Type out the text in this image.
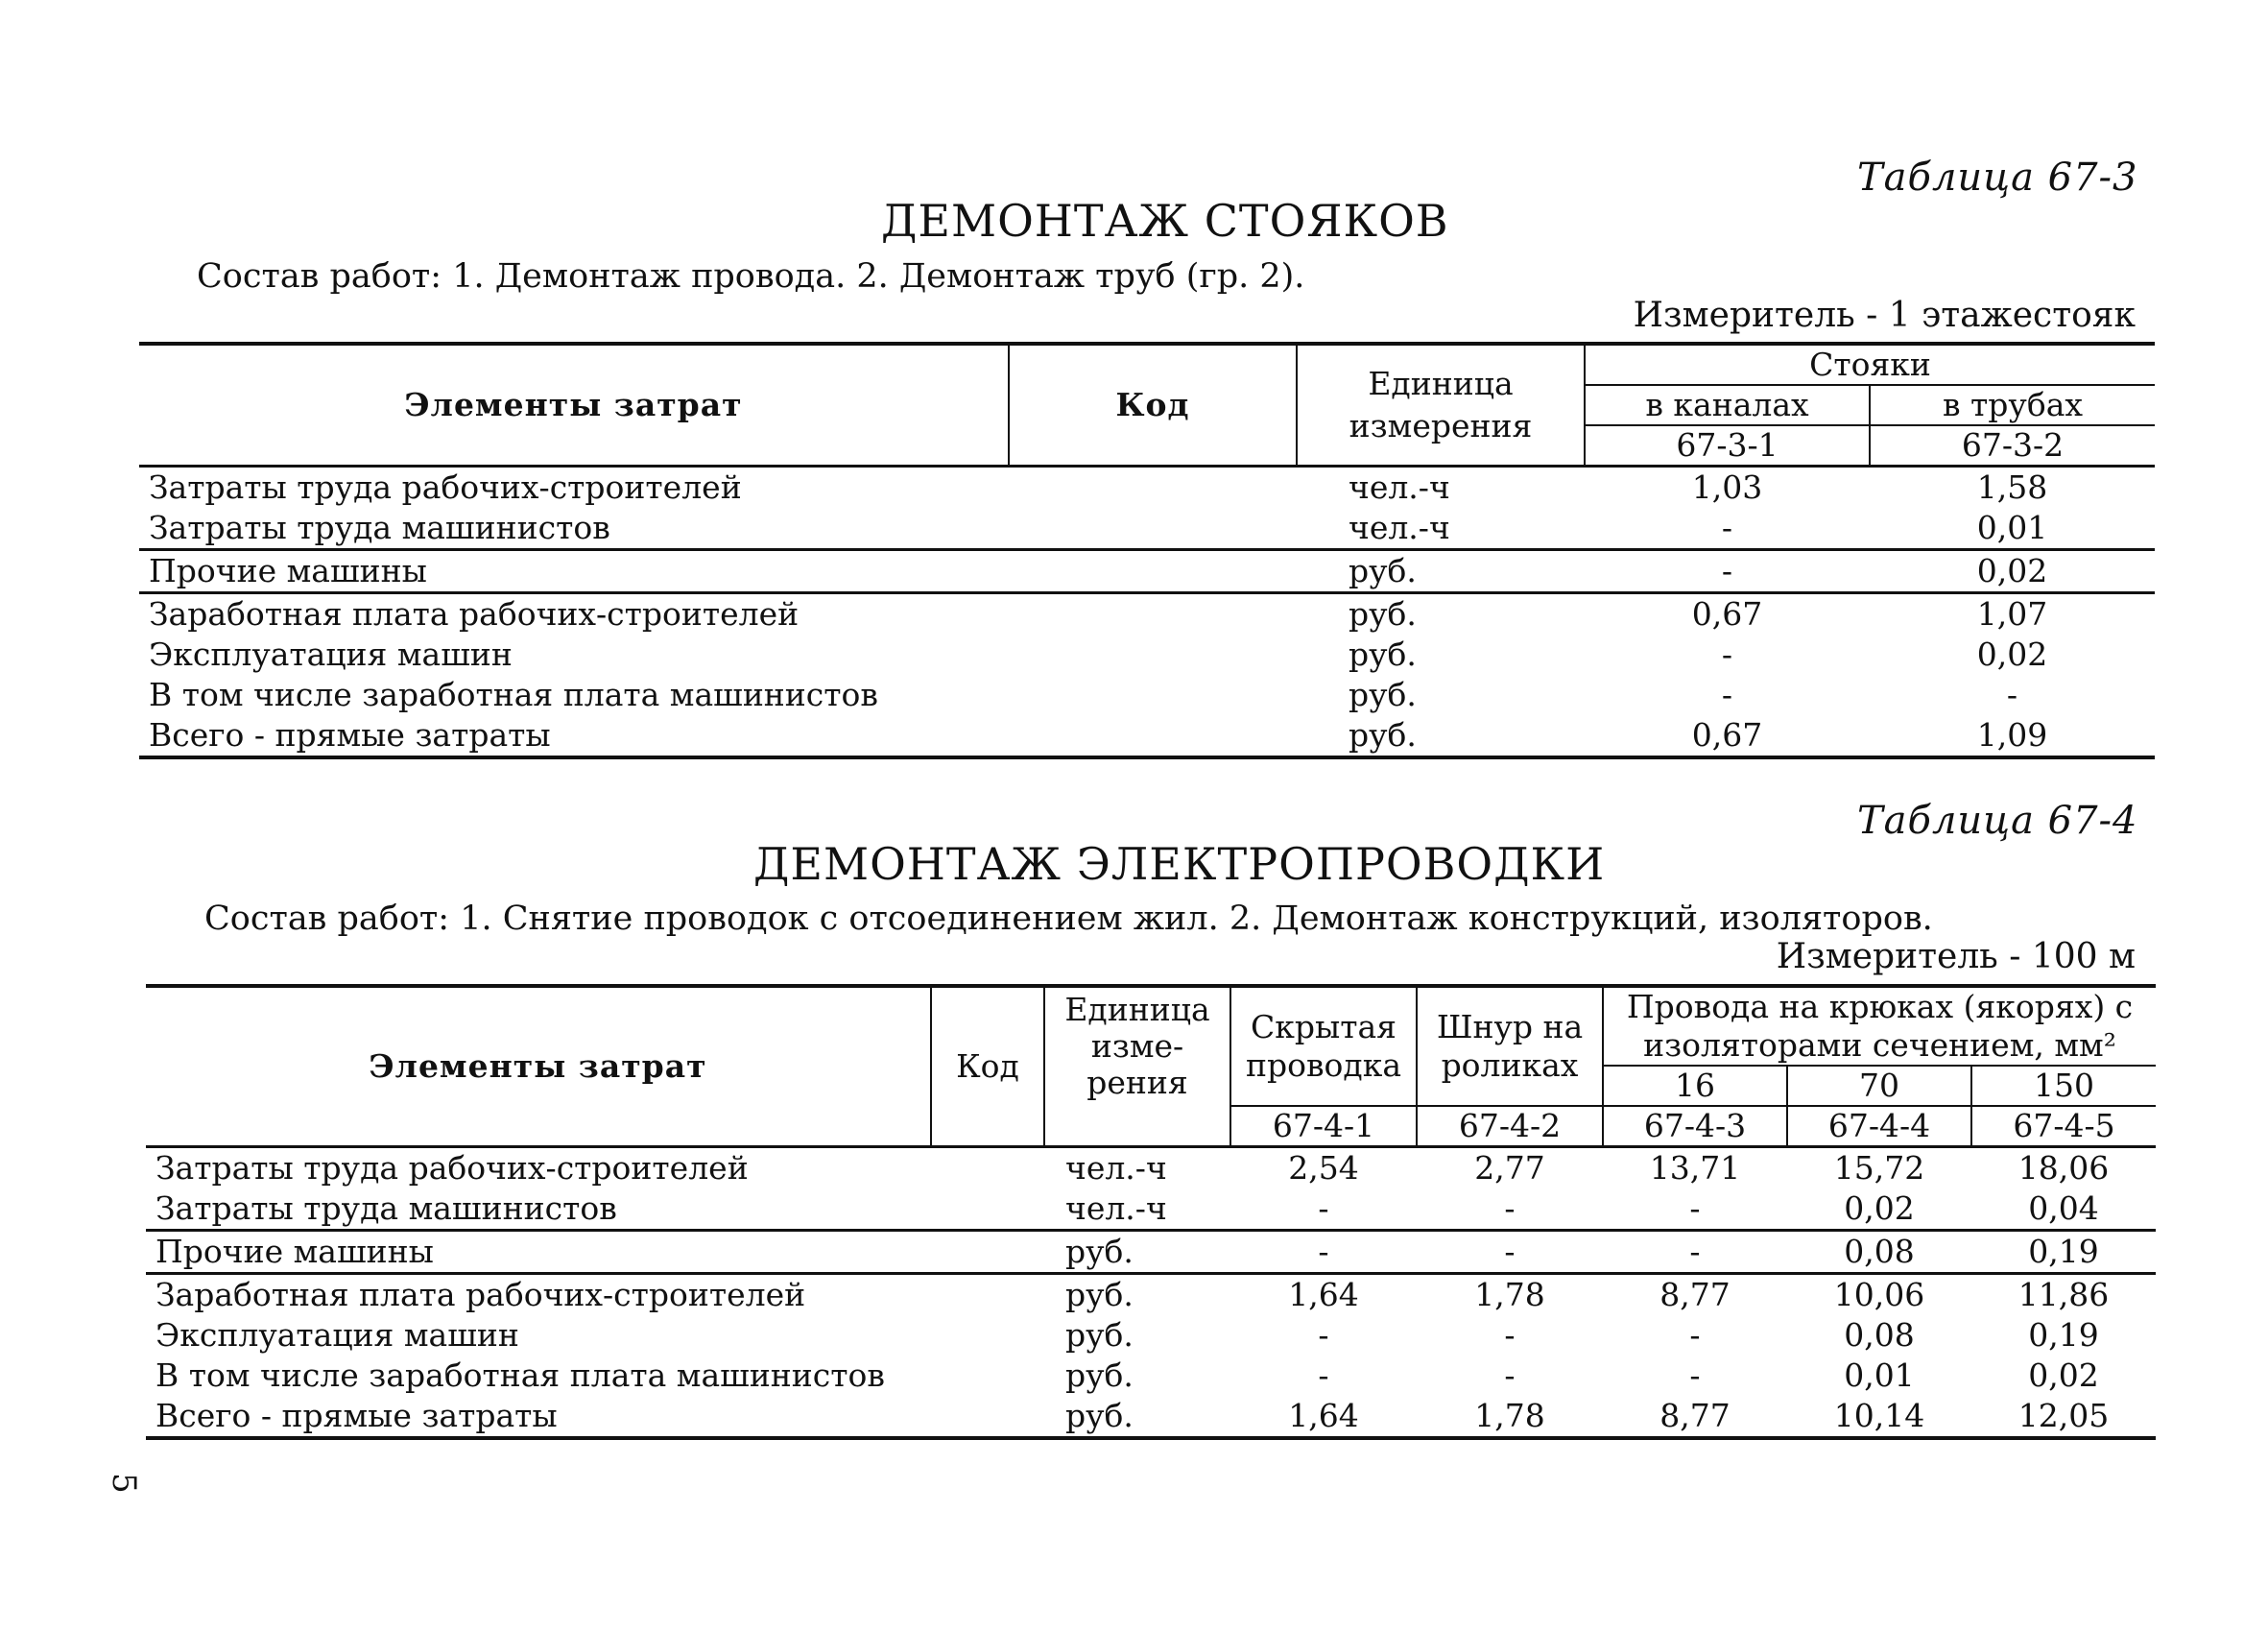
Таблица 67-3
ДЕМОНТАЖ СТОЯКОВ
Состав работ: 1. Демонтаж провода. 2. Демонтаж труб (гр. 2).
Измеритель - 1 этажестояк
Элементы затрат	Код	Единица измерения	Стояки	
			в каналах	в трубах
			67-3-1	67-3-2
Затраты труда рабочих-строителей		чел.-ч	1,03	1,58
Затраты труда машинистов		чел.-ч	-	0,01
Прочие машины		руб.	-	0,02
Заработная плата рабочих-строителей		руб.	0,67	1,07
Эксплуатация машин		руб.	-	0,02
В том числе заработная плата машинистов		руб.	-	-
Всего - прямые затраты		руб.	0,67	1,09
Таблица 67-4
ДЕМОНТАЖ ЭЛЕКТРОПРОВОДКИ
Состав работ: 1. Снятие проводок с отсоединением жил. 2. Демонтаж конструкций, изоляторов.
Измеритель - 100 м
Элементы затрат	Код	Единица изме-рения	Скрытая проводка	Шнур на роликах	Провода на крюках (якорях) с изоляторами сечением, мм²		
					16	70	150
			67-4-1	67-4-2	67-4-3	67-4-4	67-4-5
Затраты труда рабочих-строителей		чел.-ч	2,54	2,77	13,71	15,72	18,06
Затраты труда машинистов		чел.-ч	-	-	-	0,02	0,04
Прочие машины		руб.	-	-	-	0,08	0,19
Заработная плата рабочих-строителей		руб.	1,64	1,78	8,77	10,06	11,86
Эксплуатация машин		руб.	-	-	-	0,08	0,19
В том числе заработная плата машинистов		руб.	-	-	-	0,01	0,02
Всего - прямые затраты		руб.	1,64	1,78	8,77	10,14	12,05
5
